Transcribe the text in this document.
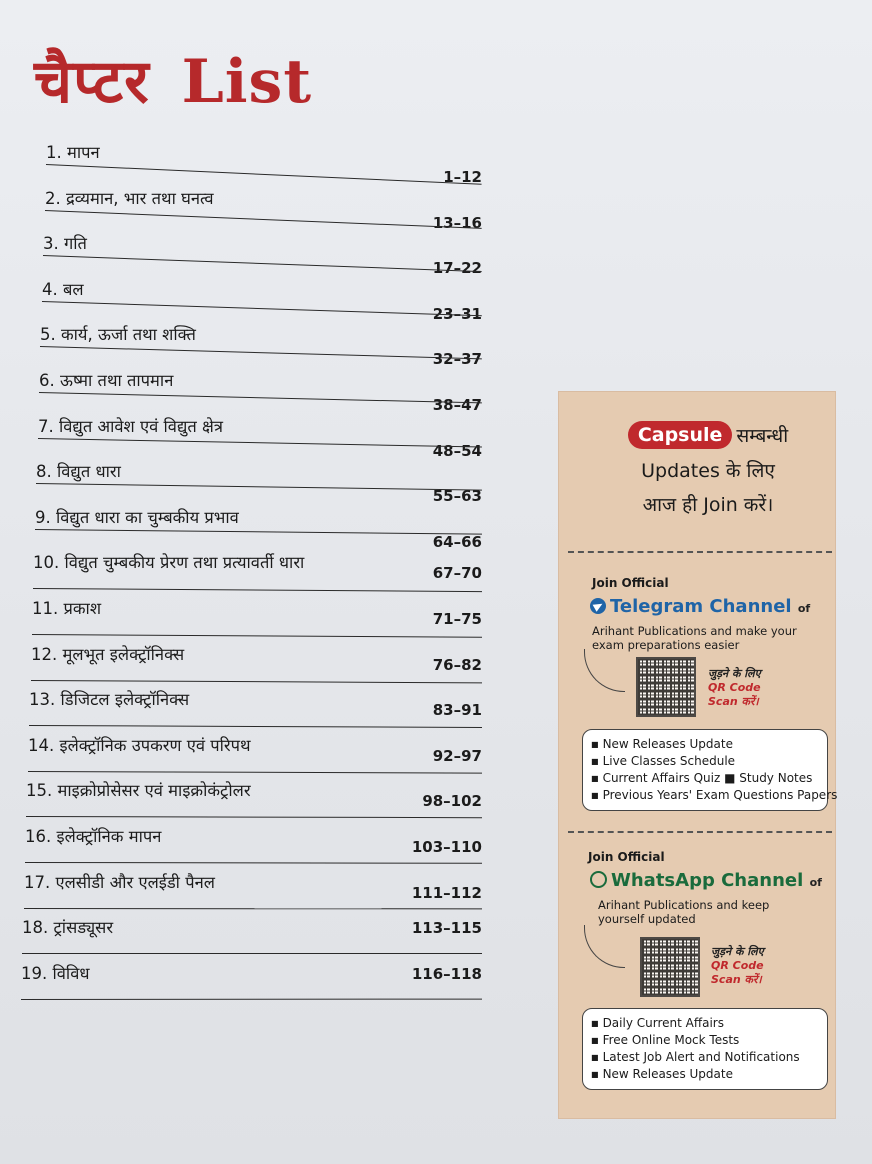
चैप्टर List
1. मापन
1–12
2. द्रव्यमान, भार तथा घनत्व
13–16
3. गति
17–22
4. बल
23–31
5. कार्य, ऊर्जा तथा शक्ति
32–37
6. ऊष्मा तथा तापमान
38–47
7. विद्युत आवेश एवं विद्युत क्षेत्र
48–54
8. विद्युत धारा
55–63
9. विद्युत धारा का चुम्बकीय प्रभाव
64–66
10. विद्युत चुम्बकीय प्रेरण तथा प्रत्यावर्ती धारा
67–70
11. प्रकाश
71–75
12. मूलभूत इलेक्ट्रॉनिक्स
76–82
13. डिजिटल इलेक्ट्रॉनिक्स
83–91
14. इलेक्ट्रॉनिक उपकरण एवं परिपथ
92–97
15. माइक्रोप्रोसेसर एवं माइक्रोकंट्रोलर
98–102
16. इलेक्ट्रॉनिक मापन
103–110
17. एलसीडी और एलईडी पैनल
111–112
18. ट्रांसड्यूसर	113–115
19. विविध	116–118
Capsule सम्बन्धी
Updates के लिए
आज ही Join करें।
Join Official
Telegram Channel of
Arihant Publications and make your exam preparations easier
जुड़ने के लिए
QR Code
Scan करें।
■ New Releases Update
■ Live Classes Schedule
■ Current Affairs Quiz ■ Study Notes
■ Previous Years' Exam Questions Papers
Join Official
WhatsApp Channel of
Arihant Publications and keep yourself updated
जुड़ने के लिए
QR Code
Scan करें।
■ Daily Current Affairs
■ Free Online Mock Tests
■ Latest Job Alert and Notifications
■ New Releases Update
